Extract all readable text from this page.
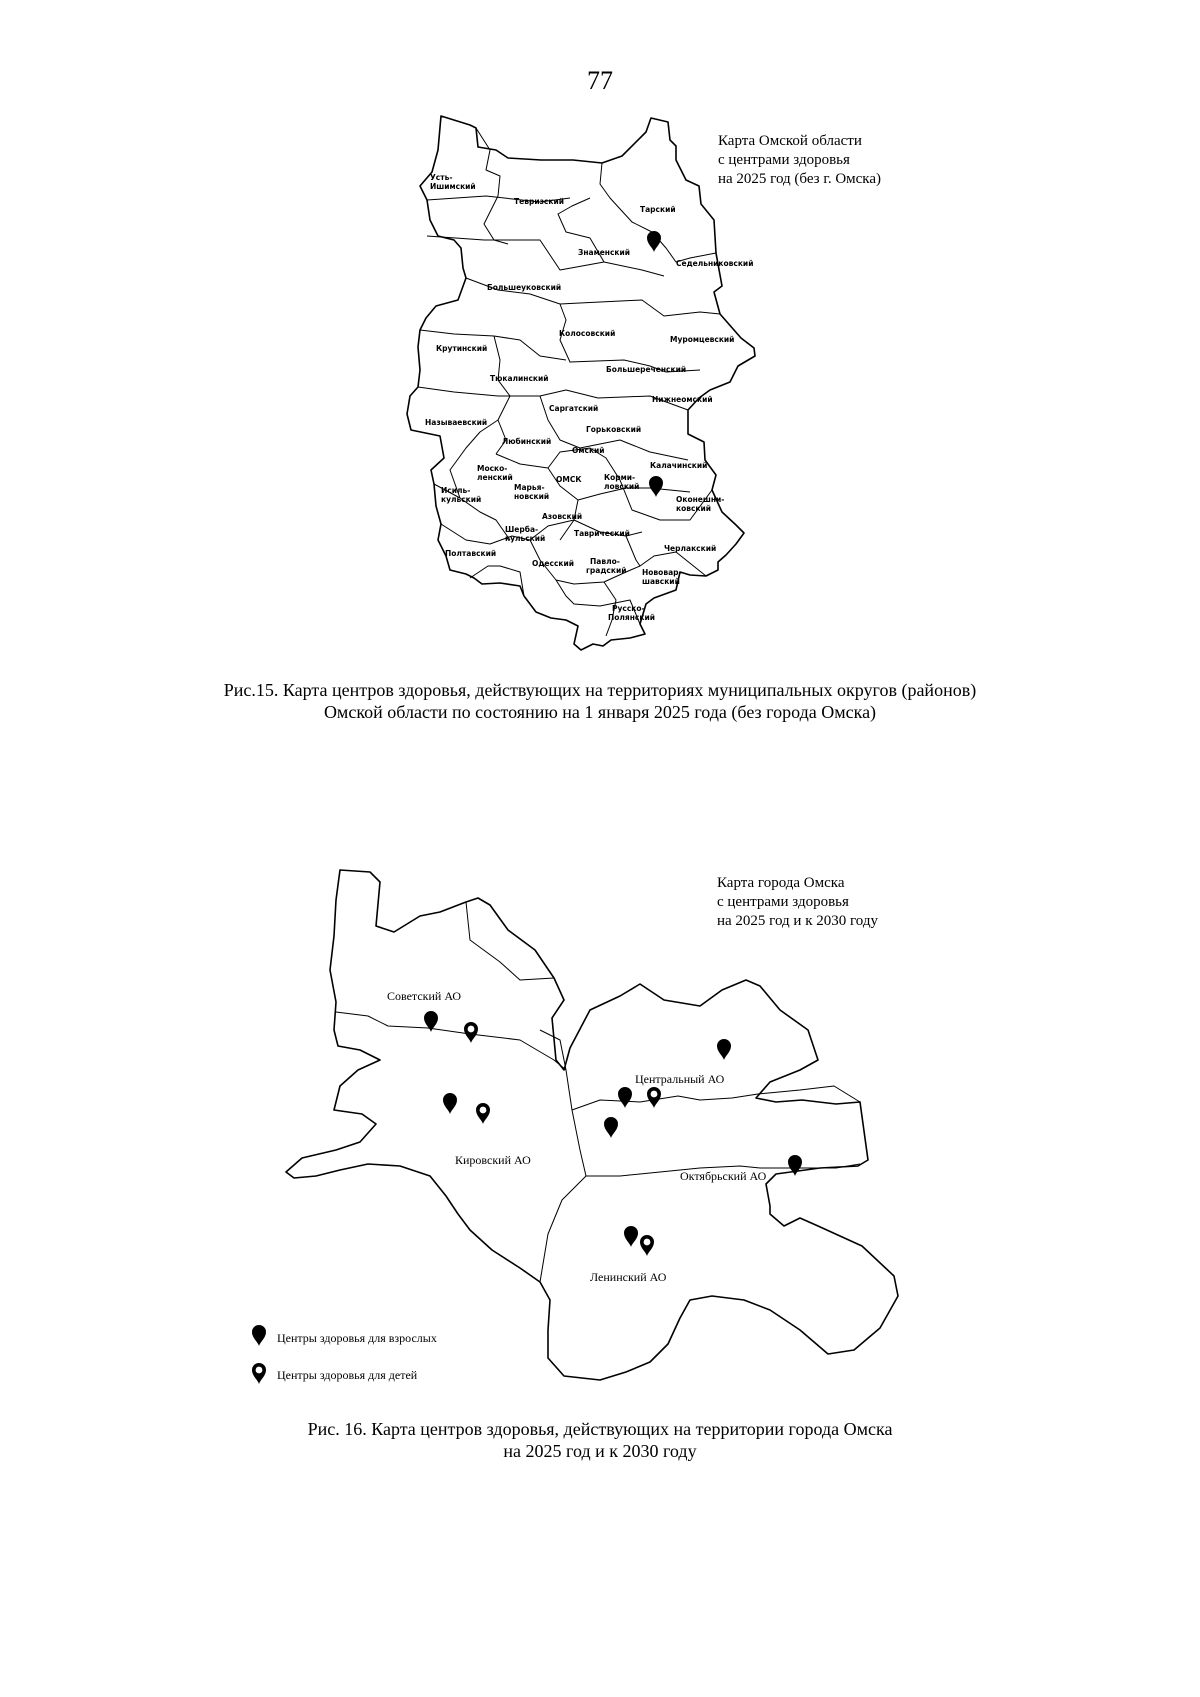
77
Усть-
Ишимский
Тевризский
Тарский
Знаменский
Седельниковский
Большеуковский
Колосовский
Муромцевский
Крутинский
Тюкалинский
Большереченский
Саргатский
Нижнеомский
Называевский
Горьковский
Любинский
Омский
Калачинский
Моско-
ленский
Исиль-
кульский
ОМСК	Корми-
ловский
Марья-
новский	Оконешни-
ковский
Азовский
Шерба-
кульский
Таврический
Полтавский
Черлакский
Одесский Павло-
градский Нововар-
шавский
Русско-
Полянский
Советский АО
Центральный АО
Кировский АО
Октябрьский АО
Ленинский АО
Центры здоровья для взрослых
Центры здоровья для детей
Карта Омской области
с центрами здоровья
на 2025 год (без г. Омска)
Рис.15. Карта центров здоровья, действующих на территориях муниципальных округов (районов)
Омской области по состоянию на 1 января 2025 года (без города Омска)
Карта города Омска
с центрами здоровья
на 2025 год и к 2030 году
Рис. 16. Карта центров здоровья, действующих на территории города Омска
на 2025 год и к 2030 году
